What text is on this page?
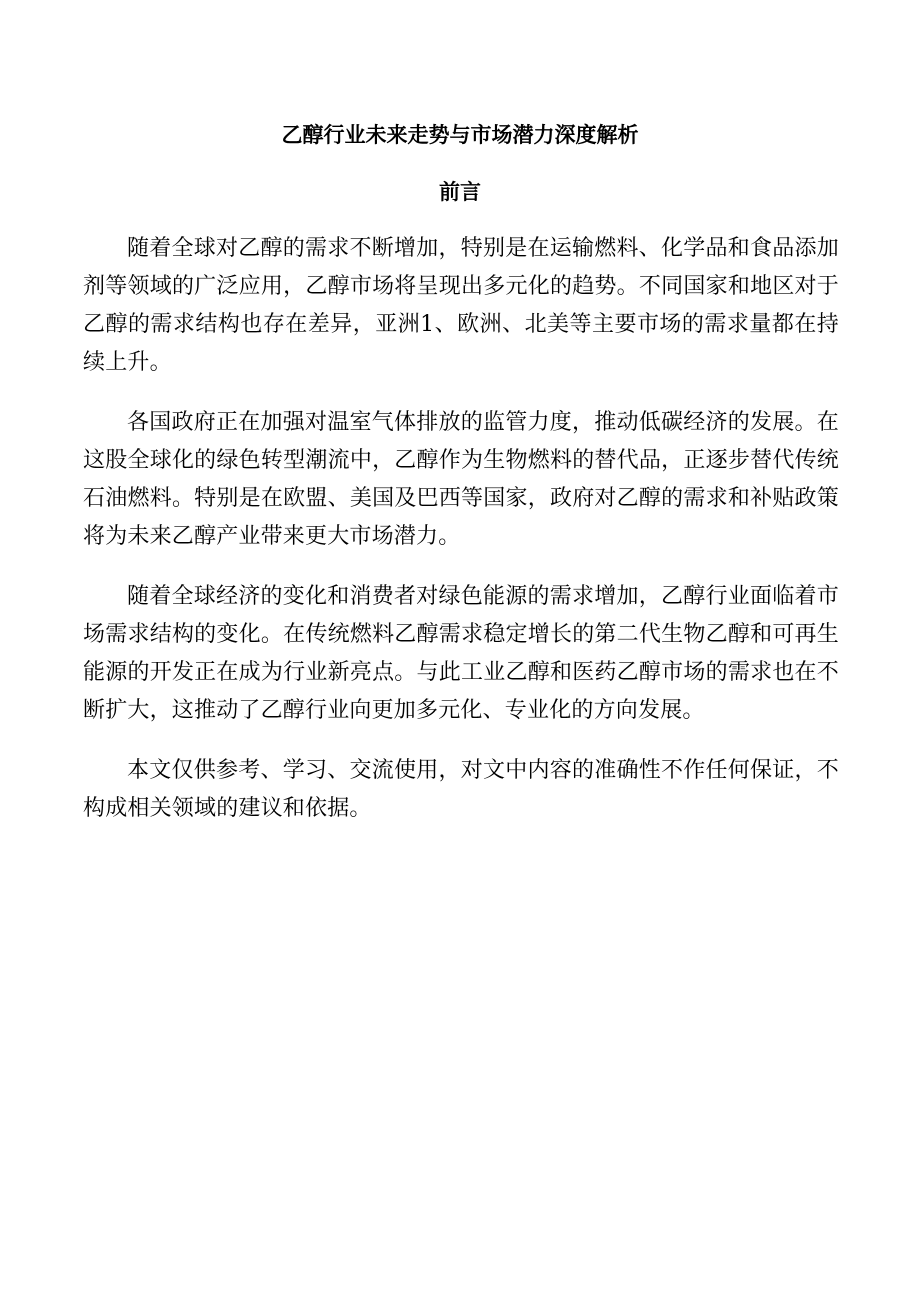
乙醇行业未来走势与市场潜力深度解析
前言

随着全球对乙醇的需求不断增加，特别是在运输燃料、化学品和食品添加剂等领域的广泛应用，乙醇市场将呈现出多元化的趋势。不同国家和地区对于乙醇的需求结构也存在差异，亚洲1、欧洲、北美等主要市场的需求量都在持续上升。

各国政府正在加强对温室气体排放的监管力度，推动低碳经济的发展。在这股全球化的绿色转型潮流中，乙醇作为生物燃料的替代品，正逐步替代传统石油燃料。特别是在欧盟、美国及巴西等国家，政府对乙醇的需求和补贴政策将为未来乙醇产业带来更大市场潜力。

随着全球经济的变化和消费者对绿色能源的需求增加，乙醇行业面临着市场需求结构的变化。在传统燃料乙醇需求稳定增长的第二代生物乙醇和可再生能源的开发正在成为行业新亮点。与此工业乙醇和医药乙醇市场的需求也在不断扩大，这推动了乙醇行业向更加多元化、专业化的方向发展。

本文仅供参考、学习、交流使用，对文中内容的准确性不作任何保证，不构成相关领域的建议和依据。
